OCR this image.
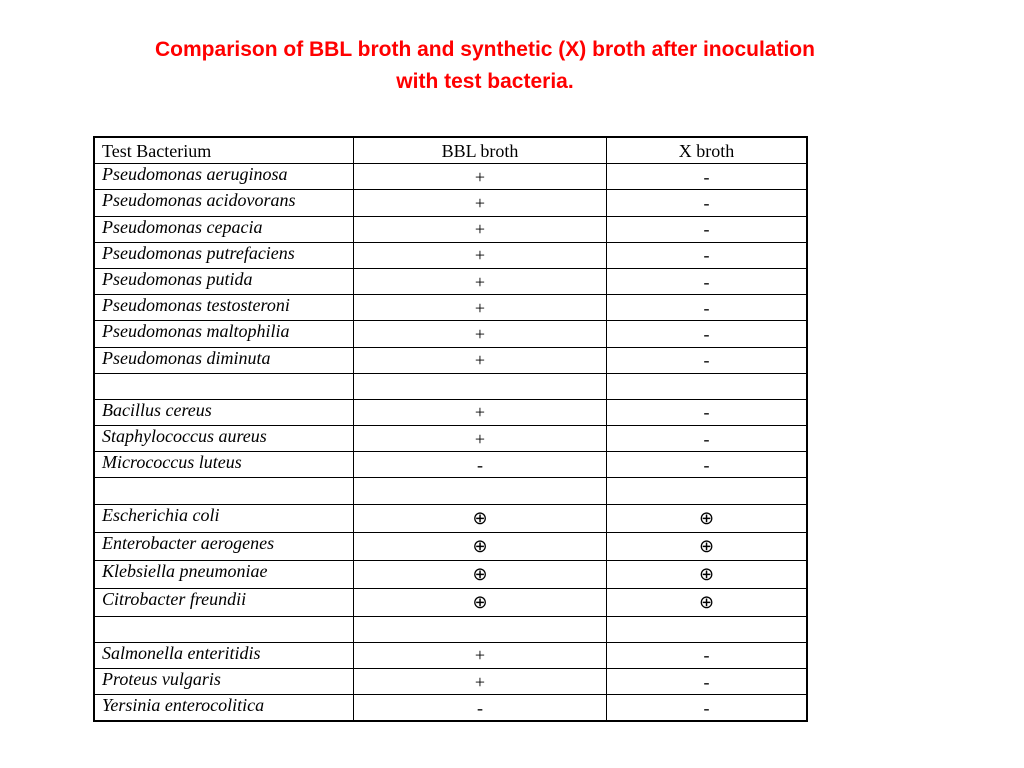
Comparison of BBL broth and synthetic (X) broth after inoculation
with test bacteria.
Test Bacterium	BBL broth	X broth
Pseudomonas aeruginosa	+	-
Pseudomonas acidovorans	+	-
Pseudomonas cepacia	+	-
Pseudomonas putrefaciens	+	-
Pseudomonas putida	+	-
Pseudomonas testosteroni	+	-
Pseudomonas maltophilia	+	-
Pseudomonas diminuta	+	-

Bacillus cereus	+	-
Staphylococcus aureus	+	-
Micrococcus luteus	-	-

Escherichia coli	⊕	⊕
Enterobacter aerogenes	⊕	⊕
Klebsiella pneumoniae	⊕	⊕
Citrobacter freundii	⊕	⊕

Salmonella enteritidis	+	-
Proteus vulgaris	+	-
Yersinia enterocolitica	-	-
